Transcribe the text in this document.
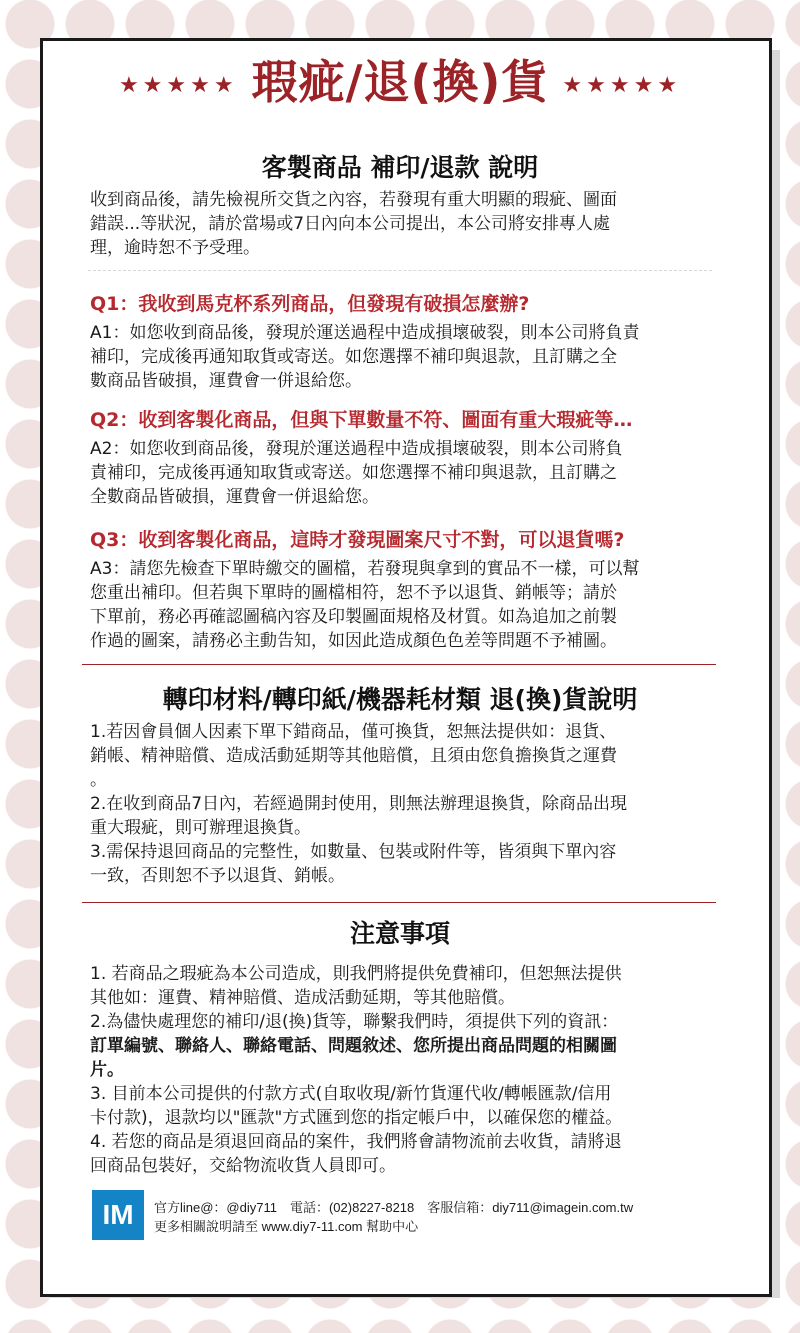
★★★★★ 瑕疵/退(換)貨 ★★★★★
客製商品 補印/退款 說明
收到商品後，請先檢視所交貨之內容，若發現有重大明顯的瑕疵、圖面
錯誤...等狀況，請於當場或7日內向本公司提出，本公司將安排專人處
理，逾時恕不予受理。
Q1：我收到馬克杯系列商品，但發現有破損怎麼辦?
A1：如您收到商品後，發現於運送過程中造成損壞破裂，則本公司將負責
補印，完成後再通知取貨或寄送。如您選擇不補印與退款，且訂購之全
數商品皆破損，運費會一併退給您。
Q2：收到客製化商品，但與下單數量不符、圖面有重大瑕疵等…
A2：如您收到商品後，發現於運送過程中造成損壞破裂，則本公司將負
責補印，完成後再通知取貨或寄送。如您選擇不補印與退款，且訂購之
全數商品皆破損，運費會一併退給您。
Q3：收到客製化商品，這時才發現圖案尺寸不對，可以退貨嗎?
A3：請您先檢查下單時繳交的圖檔，若發現與拿到的實品不一樣，可以幫
您重出補印。但若與下單時的圖檔相符，恕不予以退貨、銷帳等；請於
下單前，務必再確認圖稿內容及印製圖面規格及材質。如為追加之前製
作過的圖案，請務必主動告知，如因此造成顏色色差等問題不予補圖。
轉印材料/轉印紙/機器耗材類 退(換)貨說明
1.若因會員個人因素下單下錯商品，僅可換貨，恕無法提供如：退貨、
銷帳、精神賠償、造成活動延期等其他賠償，且須由您負擔換貨之運費
。
2.在收到商品7日內，若經過開封使用，則無法辦理退換貨，除商品出現
重大瑕疵，則可辦理退換貨。
3.需保持退回商品的完整性，如數量、包裝或附件等，皆須與下單內容
一致，否則恕不予以退貨、銷帳。
注意事項
1. 若商品之瑕疵為本公司造成，則我們將提供免費補印，但恕無法提供
其他如：運費、精神賠償、造成活動延期，等其他賠償。
2.為儘快處理您的補印/退(換)貨等，聯繫我們時，須提供下列的資訊：
訂單編號、聯絡人、聯絡電話、問題敘述、您所提出商品問題的相關圖
片。
3. 目前本公司提供的付款方式(自取收現/新竹貨運代收/轉帳匯款/信用
卡付款)，退款均以"匯款"方式匯到您的指定帳戶中，以確保您的權益。
4. 若您的商品是須退回商品的案件，我們將會請物流前去收貨，請將退
回商品包裝好，交給物流收貨人員即可。
IM	官方line@：@diy711　電話：(02)8227-8218　客服信箱：diy711@imagein.com.tw
更多相關說明請至 www.diy7-11.com 幫助中心
